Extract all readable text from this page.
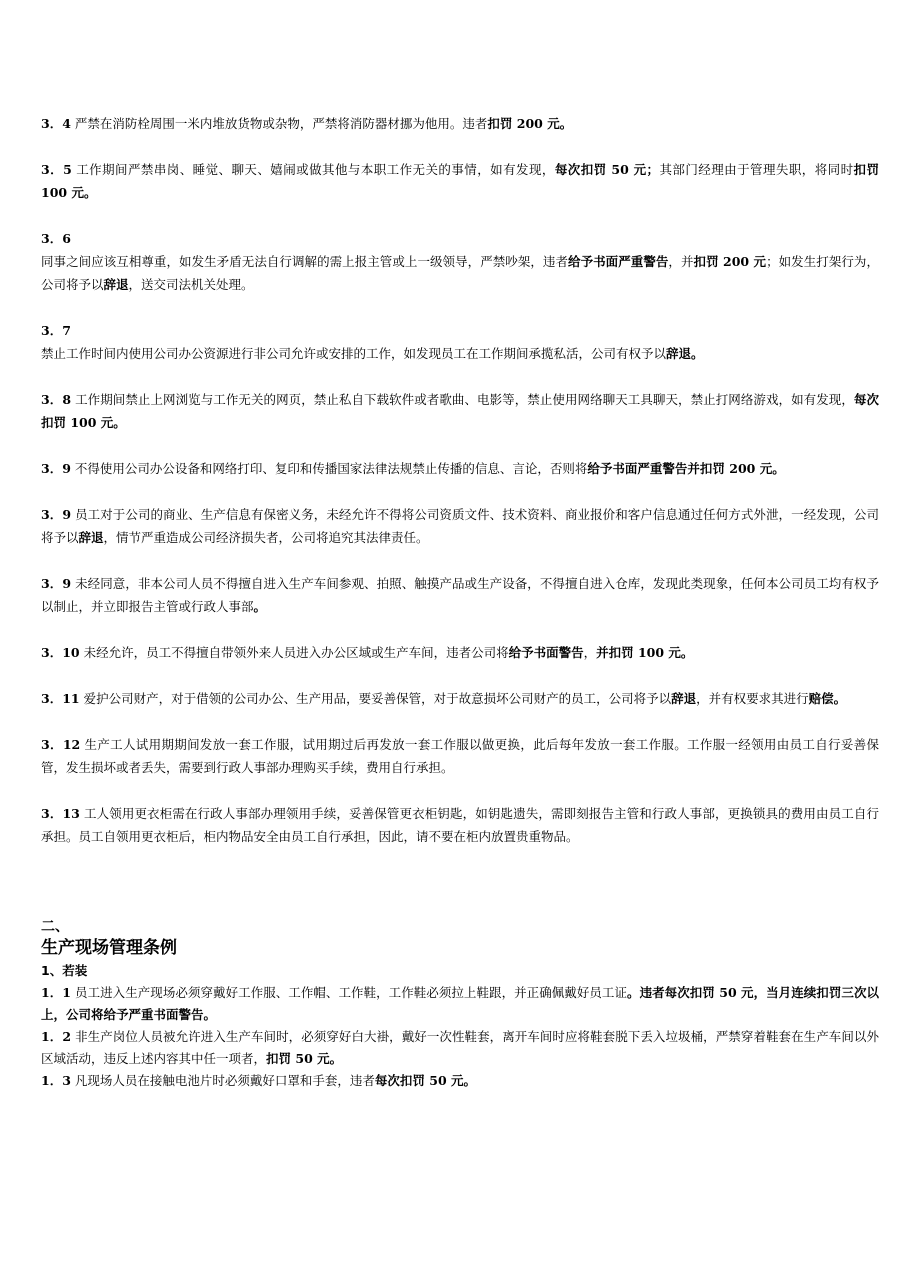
3．4 严禁在消防栓周围一米内堆放货物或杂物，严禁将消防器材挪为他用。违者扣罚 200 元。

3．5 工作期间严禁串岗、睡觉、聊天、嬉闹或做其他与本职工作无关的事情，如有发现，每次扣罚 50 元；其部门经理由于管理失职，将同时扣罚 100 元。

3．6

同事之间应该互相尊重，如发生矛盾无法自行调解的需上报主管或上一级领导，严禁吵架，违者给予书面严重警告，并扣罚 200 元；如发生打架行为，公司将予以辞退，送交司法机关处理。

3．7

禁止工作时间内使用公司办公资源进行非公司允许或安排的工作，如发现员工在工作期间承揽私活，公司有权予以辞退。

3．8 工作期间禁止上网浏览与工作无关的网页，禁止私自下载软件或者歌曲、电影等，禁止使用网络聊天工具聊天，禁止打网络游戏，如有发现，每次扣罚 100 元。

3．9 不得使用公司办公设备和网络打印、复印和传播国家法律法规禁止传播的信息、言论，否则将给予书面严重警告并扣罚 200 元。

3．9 员工对于公司的商业、生产信息有保密义务，未经允许不得将公司资质文件、技术资料、商业报价和客户信息通过任何方式外泄，一经发现，公司将予以辞退，情节严重造成公司经济损失者，公司将追究其法律责任。

3．9 未经同意，非本公司人员不得擅自进入生产车间参观、拍照、触摸产品或生产设备，不得擅自进入仓库，发现此类现象，任何本公司员工均有权予以制止，并立即报告主管或行政人事部。

3．10 未经允许，员工不得擅自带领外来人员进入办公区域或生产车间，违者公司将给予书面警告，并扣罚 100 元。

3．11 爱护公司财产，对于借领的公司办公、生产用品，要妥善保管，对于故意损坏公司财产的员工，公司将予以辞退，并有权要求其进行赔偿。

3．12 生产工人试用期期间发放一套工作服，试用期过后再发放一套工作服以做更换，此后每年发放一套工作服。工作服一经领用由员工自行妥善保管，发生损坏或者丢失，需要到行政人事部办理购买手续，费用自行承担。

3．13 工人领用更衣柜需在行政人事部办理领用手续，妥善保管更衣柜钥匙，如钥匙遗失，需即刻报告主管和行政人事部，更换锁具的费用由员工自行承担。员工自领用更衣柜后，柜内物品安全由员工自行承担，因此，请不要在柜内放置贵重物品。

二、

生产现场管理条例

1、若装

1．1 员工进入生产现场必须穿戴好工作服、工作帽、工作鞋，工作鞋必须拉上鞋跟，并正确佩戴好员工证。违者每次扣罚 50 元，当月连续扣罚三次以上，公司将给予严重书面警告。

1．2 非生产岗位人员被允许进入生产车间时，必须穿好白大褂，戴好一次性鞋套，离开车间时应将鞋套脱下丢入垃圾桶，严禁穿着鞋套在生产车间以外区域活动，违反上述内容其中任一项者，扣罚 50 元。

1．3 凡现场人员在接触电池片时必须戴好口罩和手套，违者每次扣罚 50 元。
